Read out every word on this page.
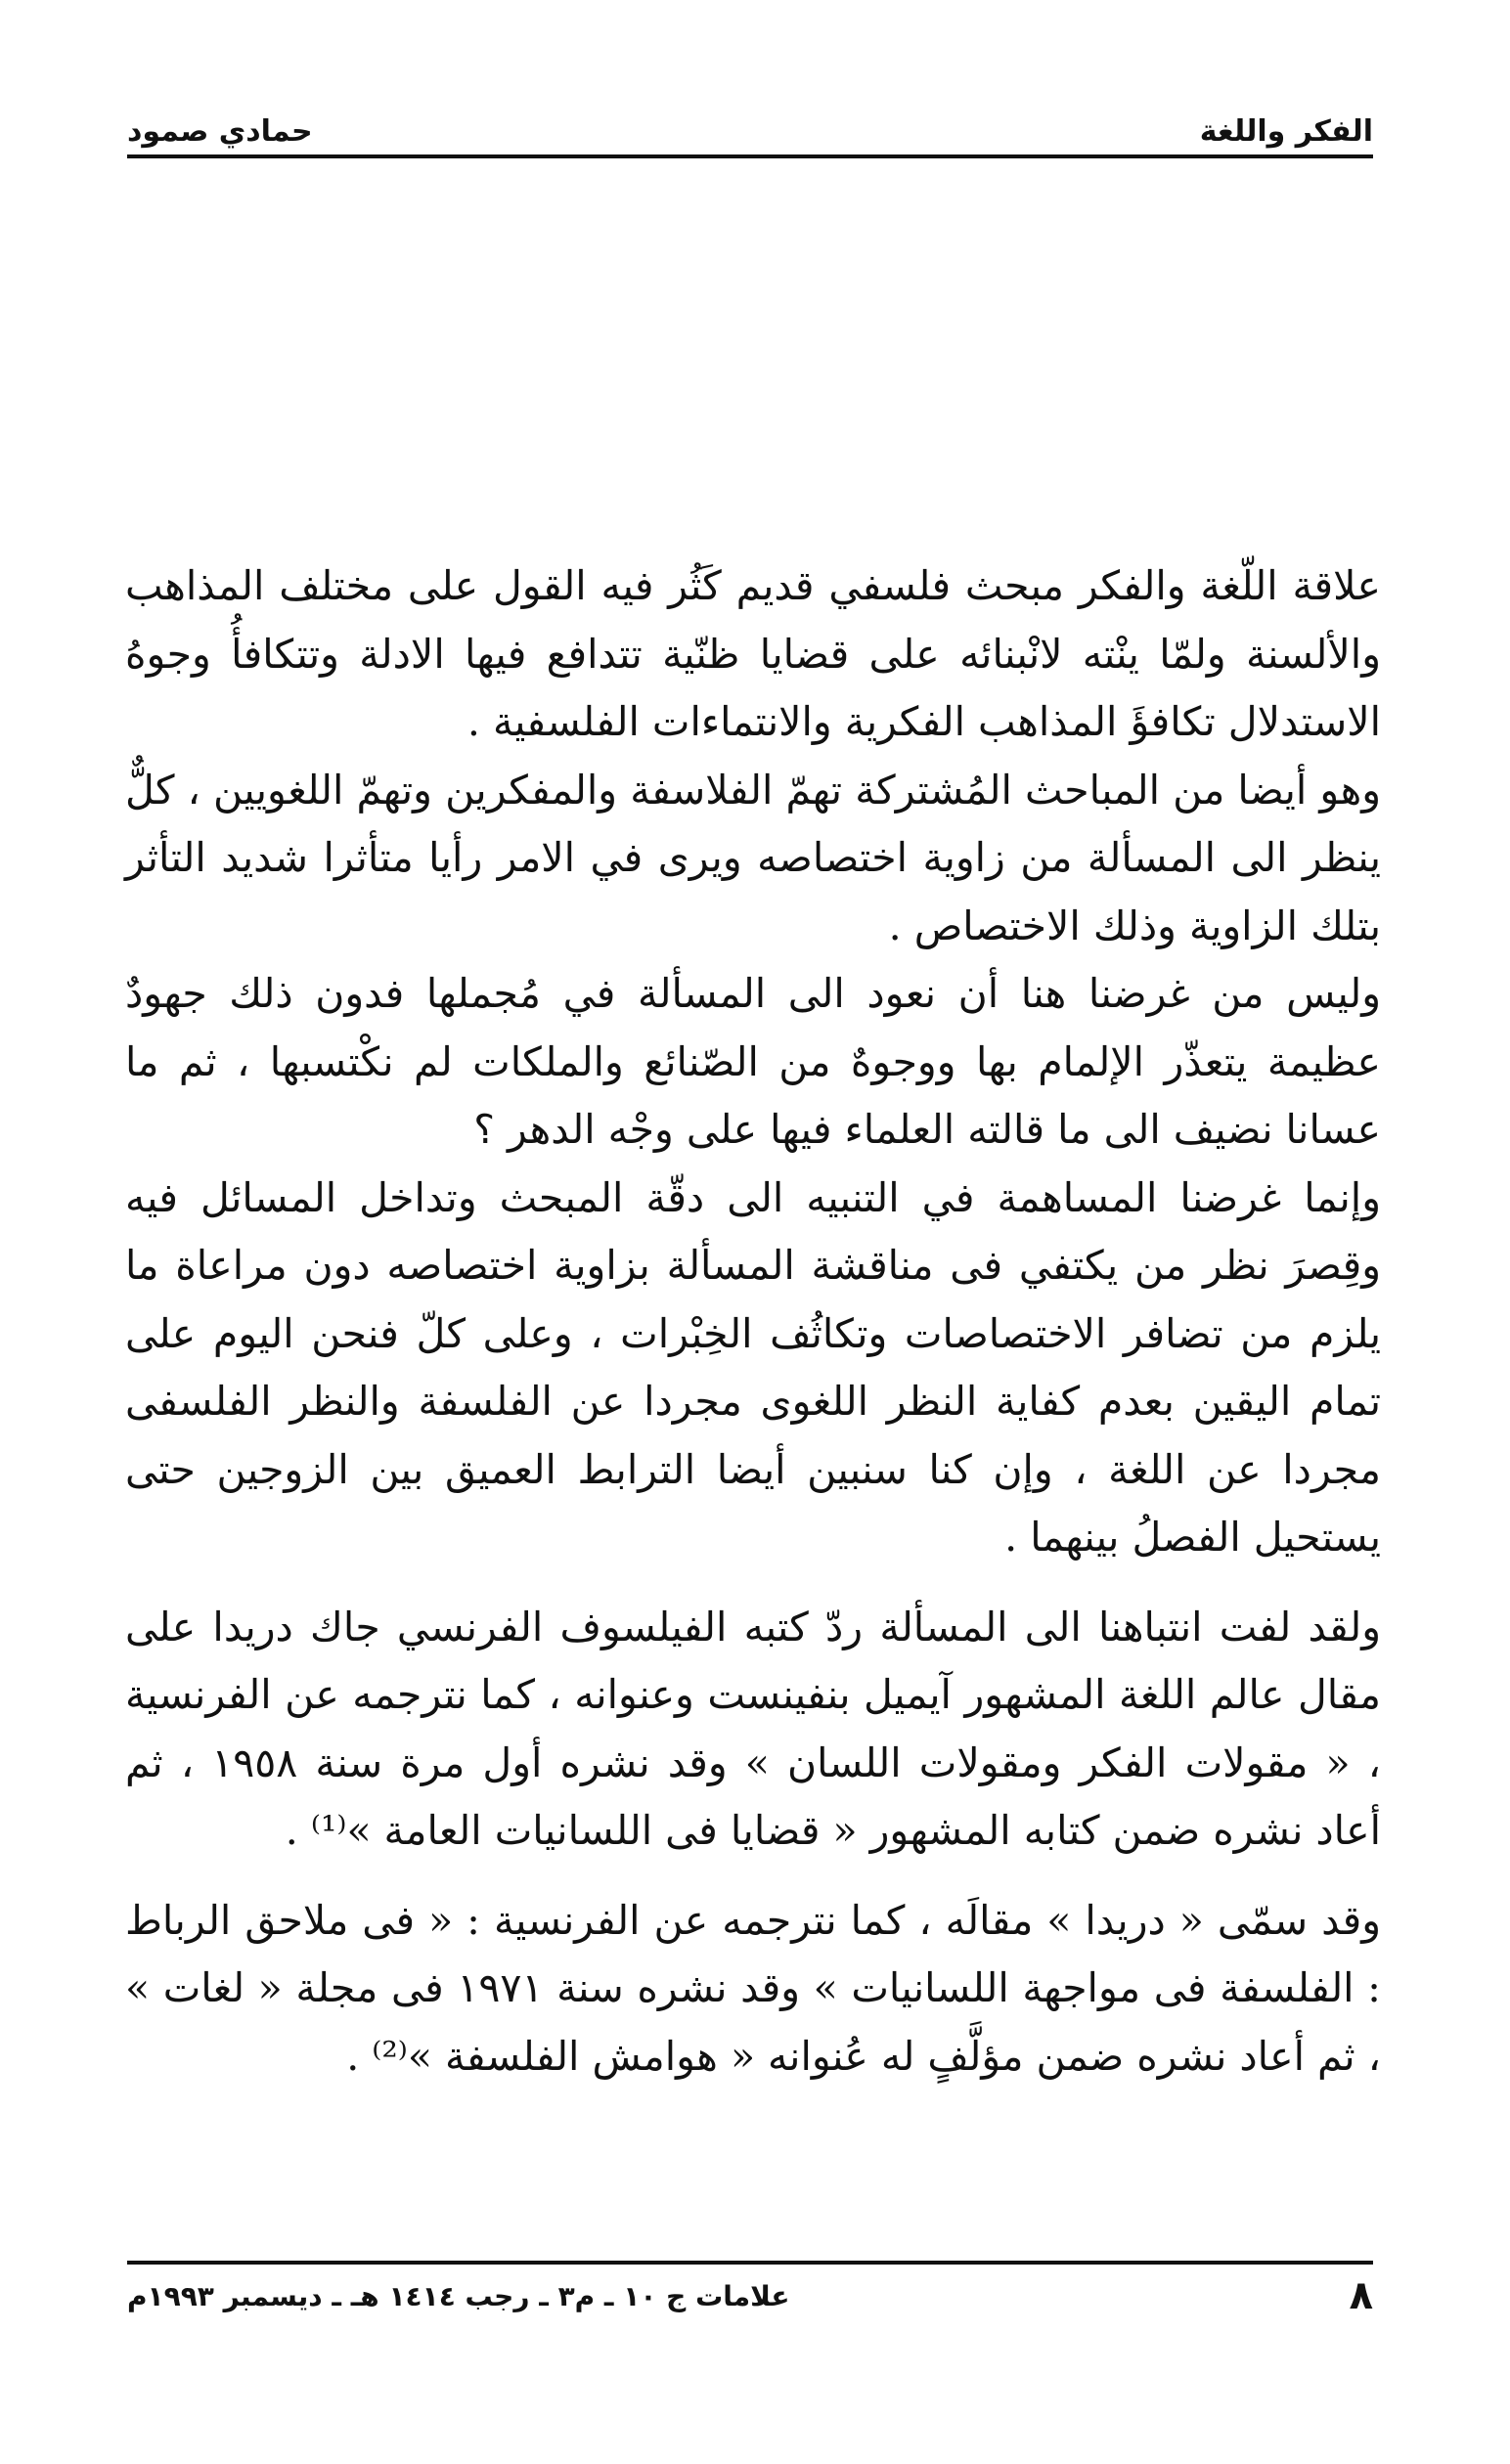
الفكر واللغة
حمادي صمود

علاقة اللّغة والفكر مبحث فلسفي قديم كَثُر فيه القول على مختلف المذاهب والألسنة ولمّا ينْته لانْبنائه على قضايا ظنّية تتدافع فيها الادلة وتتكافأُ وجوهُ الاستدلال تكافؤَ المذاهب الفكرية والانتماءات الفلسفية .

وهو أيضا من المباحث المُشتركة تهمّ الفلاسفة والمفكرين وتهمّ اللغويين ، كلٌّ ينظر الى المسألة من زاوية اختصاصه ويرى في الامر رأيا متأثرا شديد التأثر بتلك الزاوية وذلك الاختصاص .

وليس من غرضنا هنا أن نعود الى المسألة في مُجملها فدون ذلك جهودٌ عظيمة يتعذّر الإلمام بها ووجوهٌ من الصّنائع والملكات لم نكْتسبها ، ثم ما عسانا نضيف الى ما قالته العلماء فيها على وجْه الدهر ؟

وإنما غرضنا المساهمة في التنبيه الى دقّة المبحث وتداخل المسائل فيه وقِصرَ نظر من يكتفي فى مناقشة المسألة بزاوية اختصاصه دون مراعاة ما يلزم من تضافر الاختصاصات وتكاثُف الخِبْرات ، وعلى كلّ فنحن اليوم على تمام اليقين بعدم كفاية النظر اللغوى مجردا عن الفلسفة والنظر الفلسفى مجردا عن اللغة ، وإن كنا سنبين أيضا الترابط العميق بين الزوجين حتى يستحيل الفصلُ بينهما .

ولقد لفت انتباهنا الى المسألة ردّ كتبه الفيلسوف الفرنسي جاك دريدا على مقال عالم اللغة المشهور آيميل بنفينست وعنوانه ، كما نترجمه عن الفرنسية ، « مقولات الفكر ومقولات اللسان » وقد نشره أول مرة سنة ١٩٥٨ ، ثم أعاد نشره ضمن كتابه المشهور « قضايا فى اللسانيات العامة »⁽¹⁾ .

وقد سمّى « دريدا » مقالَه ، كما نترجمه عن الفرنسية : « فى ملاحق الرباط : الفلسفة فى مواجهة اللسانيات » وقد نشره سنة ١٩٧١ فى مجلة « لغات » ، ثم أعاد نشره ضمن مؤلَّفٍ له عُنوانه « هوامش الفلسفة »⁽²⁾ .

٨
علامات ج ١٠ ـ م٣ ـ رجب ١٤١٤ هـ ـ ديسمبر ١٩٩٣م
